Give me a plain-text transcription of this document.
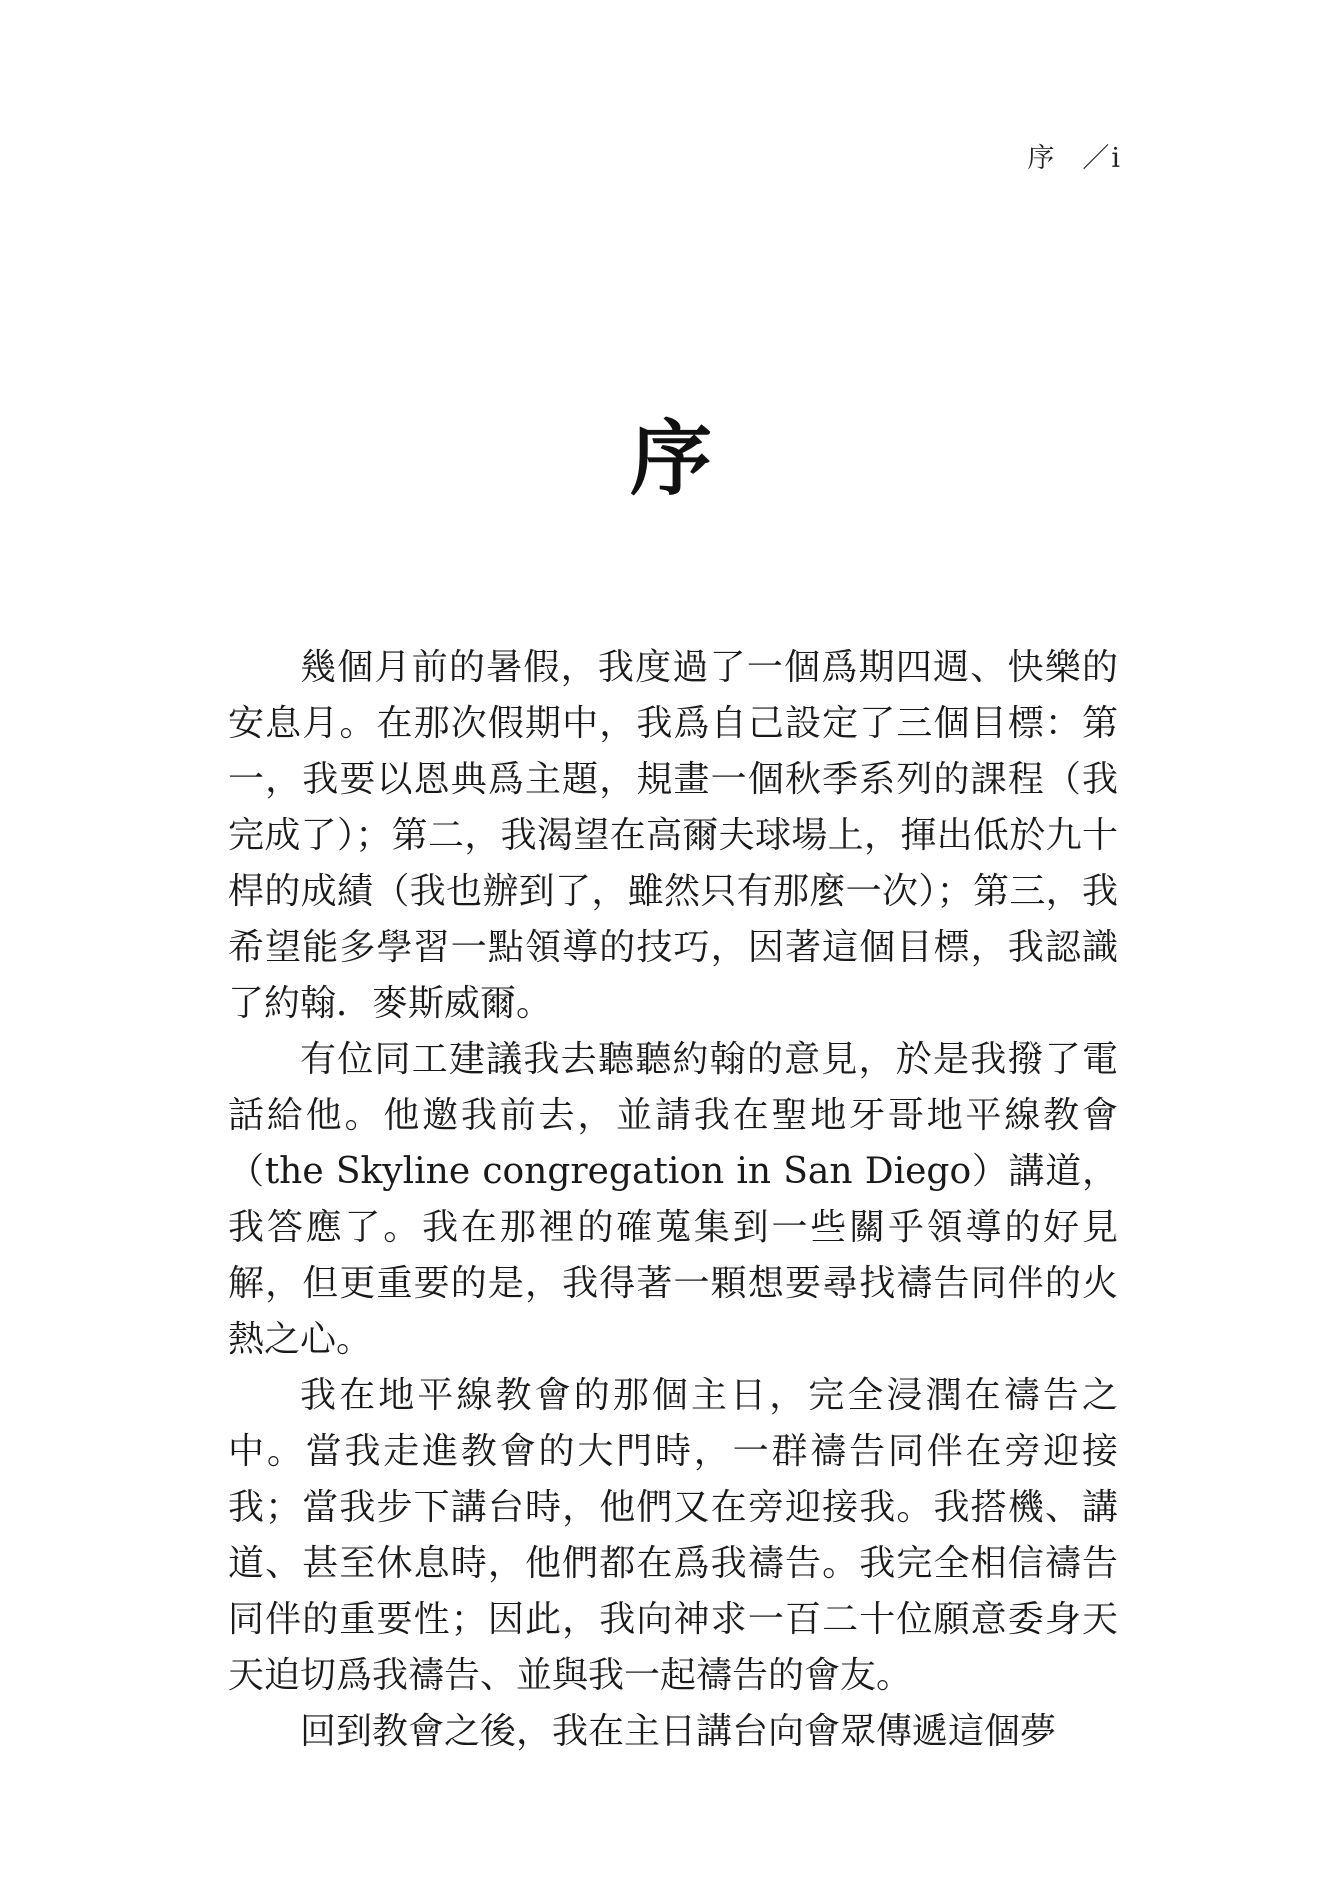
序 ／i
序

幾個月前的暑假，我度過了一個爲期四週、快樂的安息月。在那次假期中，我爲自己設定了三個目標：第一，我要以恩典爲主題，規畫一個秋季系列的課程（我完成了）；第二，我渴望在高爾夫球場上，揮出低於九十桿的成績（我也辦到了，雖然只有那麼一次）；第三，我希望能多學習一點領導的技巧，因著這個目標，我認識了約翰．麥斯威爾。

有位同工建議我去聽聽約翰的意見，於是我撥了電話給他。他邀我前去，並請我在聖地牙哥地平線教會（the Skyline congregation in San Diego）講道，我答應了。我在那裡的確蒐集到一些關乎領導的好見解，但更重要的是，我得著一顆想要尋找禱告同伴的火熱之心。

我在地平線教會的那個主日，完全浸潤在禱告之中。當我走進教會的大門時，一群禱告同伴在旁迎接我；當我步下講台時，他們又在旁迎接我。我搭機、講道、甚至休息時，他們都在爲我禱告。我完全相信禱告同伴的重要性；因此，我向神求一百二十位願意委身天天迫切爲我禱告、並與我一起禱告的會友。

回到教會之後，我在主日講台向會眾傳遞這個夢
